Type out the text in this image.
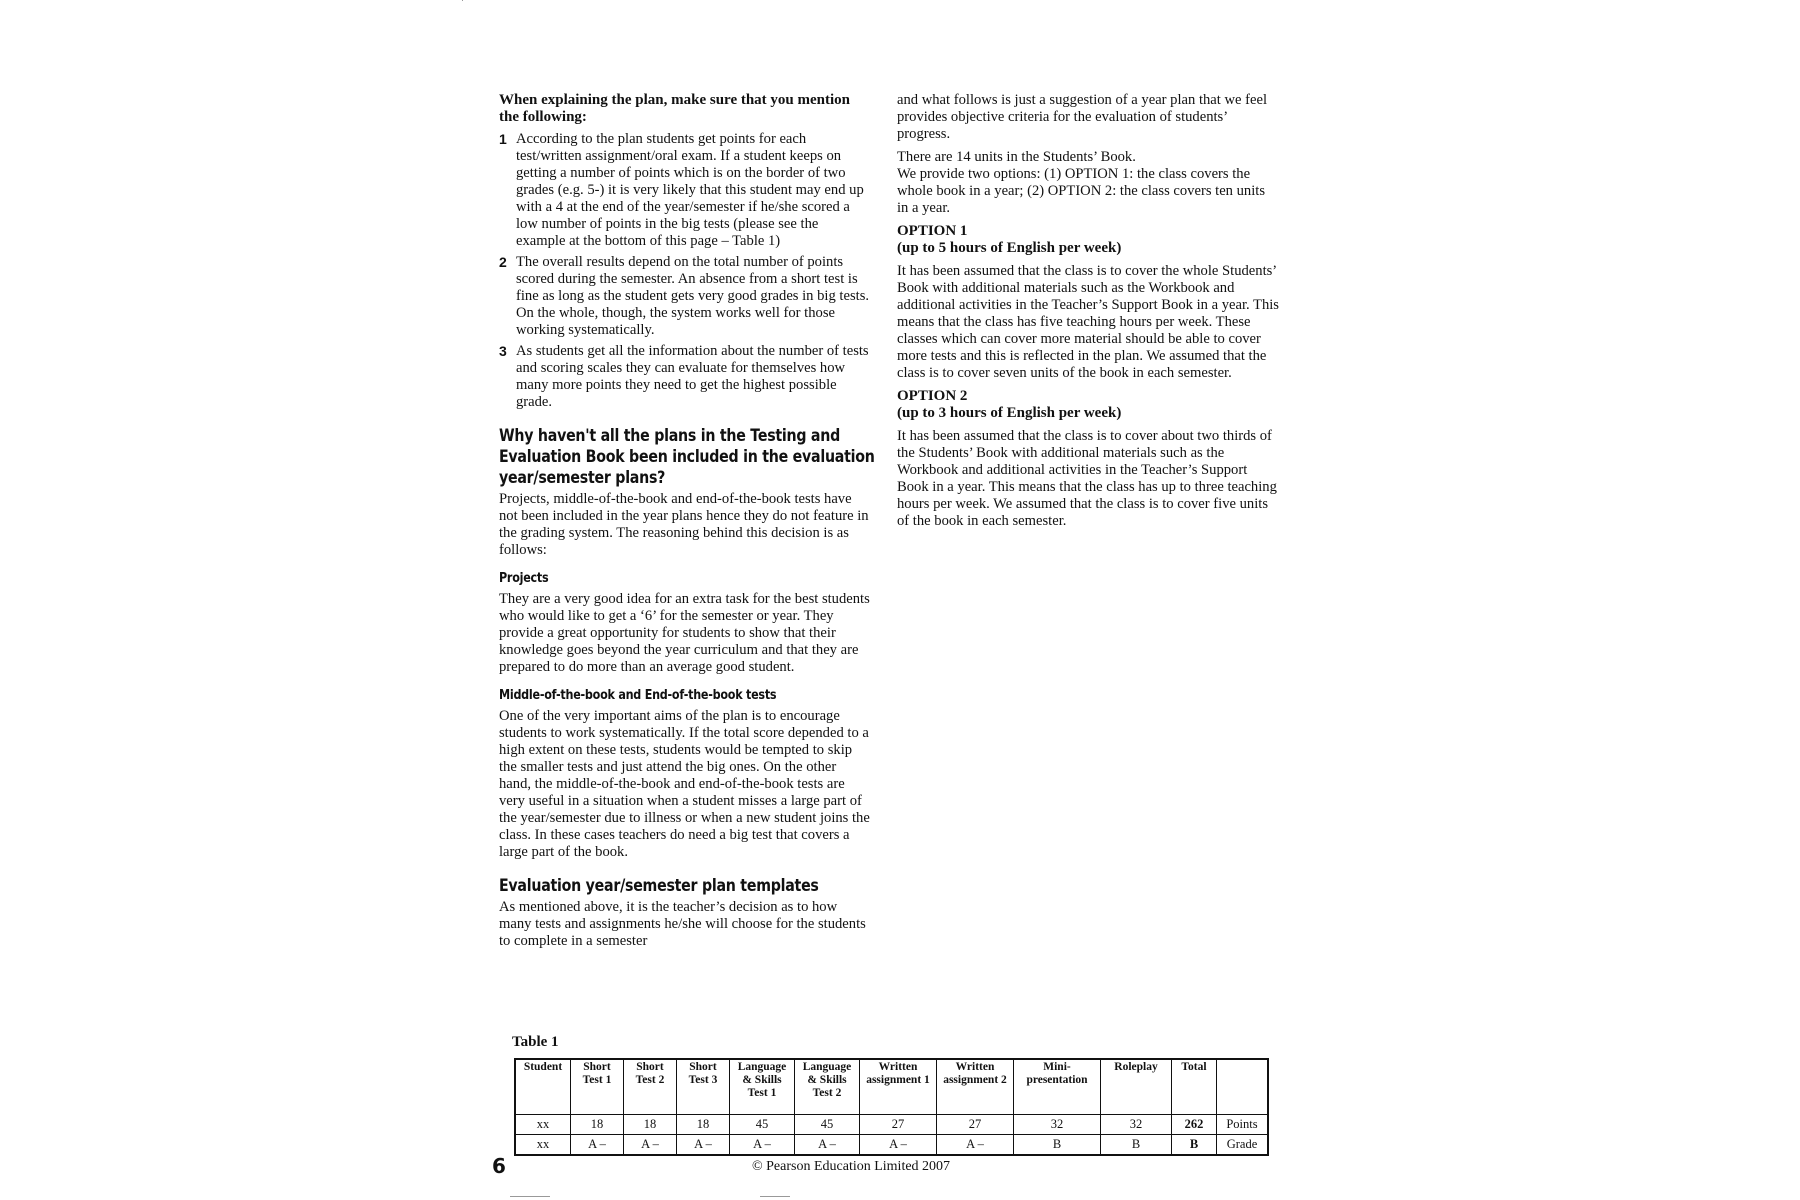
When explaining the plan, make sure that you mention the following:

1 According to the plan students get points for each test/written assignment/oral exam. If a student keeps on getting a number of points which is on the border of two grades (e.g. 5-) it is very likely that this student may end up with a 4 at the end of the year/semester if he/she scored a low number of points in the big tests (please see the example at the bottom of this page – Table 1)
2 The overall results depend on the total number of points scored during the semester. An absence from a short test is fine as long as the student gets very good grades in big tests.
On the whole, though, the system works well for those working systematically.
3 As students get all the information about the number of tests and scoring scales they can evaluate for themselves how many more points they need to get the highest possible grade.
Why haven't all the plans in the Testing and Evaluation Book been included in the evaluation year/semester plans?

Projects, middle-of-the-book and end-of-the-book tests have not been included in the year plans hence they do not feature in the grading system. The reasoning behind this decision is as follows:

Projects

They are a very good idea for an extra task for the best students who would like to get a ‘6’ for the semester or year. They provide a great opportunity for students to show that their knowledge goes beyond the year curriculum and that they are prepared to do more than an average good student.

Middle-of-the-book and End-of-the-book tests

One of the very important aims of the plan is to encourage students to work systematically. If the total score depended to a high extent on these tests, students would be tempted to skip the smaller tests and just attend the big ones. On the other hand, the middle-of-the-book and end-of-the-book tests are very useful in a situation when a student misses a large part of the year/semester due to illness or when a new student joins the class. In these cases teachers do need a big test that covers a large part of the book.

Evaluation year/semester plan templates

As mentioned above, it is the teacher’s decision as to how many tests and assignments he/she will choose for the students to complete in a semester

and what follows is just a suggestion of a year plan that we feel provides objective criteria for the evaluation of students’ progress.

There are 14 units in the Students’ Book.

We provide two options: (1) OPTION 1: the class covers the whole book in a year; (2) OPTION 2: the class covers ten units in a year.

OPTION 1
(up to 5 hours of English per week)

It has been assumed that the class is to cover the whole Students’ Book with additional materials such as the Workbook and additional activities in the Teacher’s Support Book in a year. This means that the class has five teaching hours per week. These classes which can cover more material should be able to cover more tests and this is reflected in the plan. We assumed that the class is to cover seven units of the book in each semester.

OPTION 2
(up to 3 hours of English per week)

It has been assumed that the class is to cover about two thirds of the Students’ Book with additional materials such as the Workbook and additional activities in the Teacher’s Support Book in a year. This means that the class has up to three teaching hours per week. We assumed that the class is to cover five units of the book in each semester.

Table 1
Student	Short Test 1	Short Test 2	Short Test 3	Language & Skills Test 1	Language & Skills Test 2	Written assignment 1	Written assignment 2	Mini-presentation	Roleplay	Total	
xx	18	18	18	45	45	27	27	32	32	262	Points
xx	A –	A –	A –	A –	A –	A –	A –	B	B	B	Grade
6	© Pearson Education Limited 2007
